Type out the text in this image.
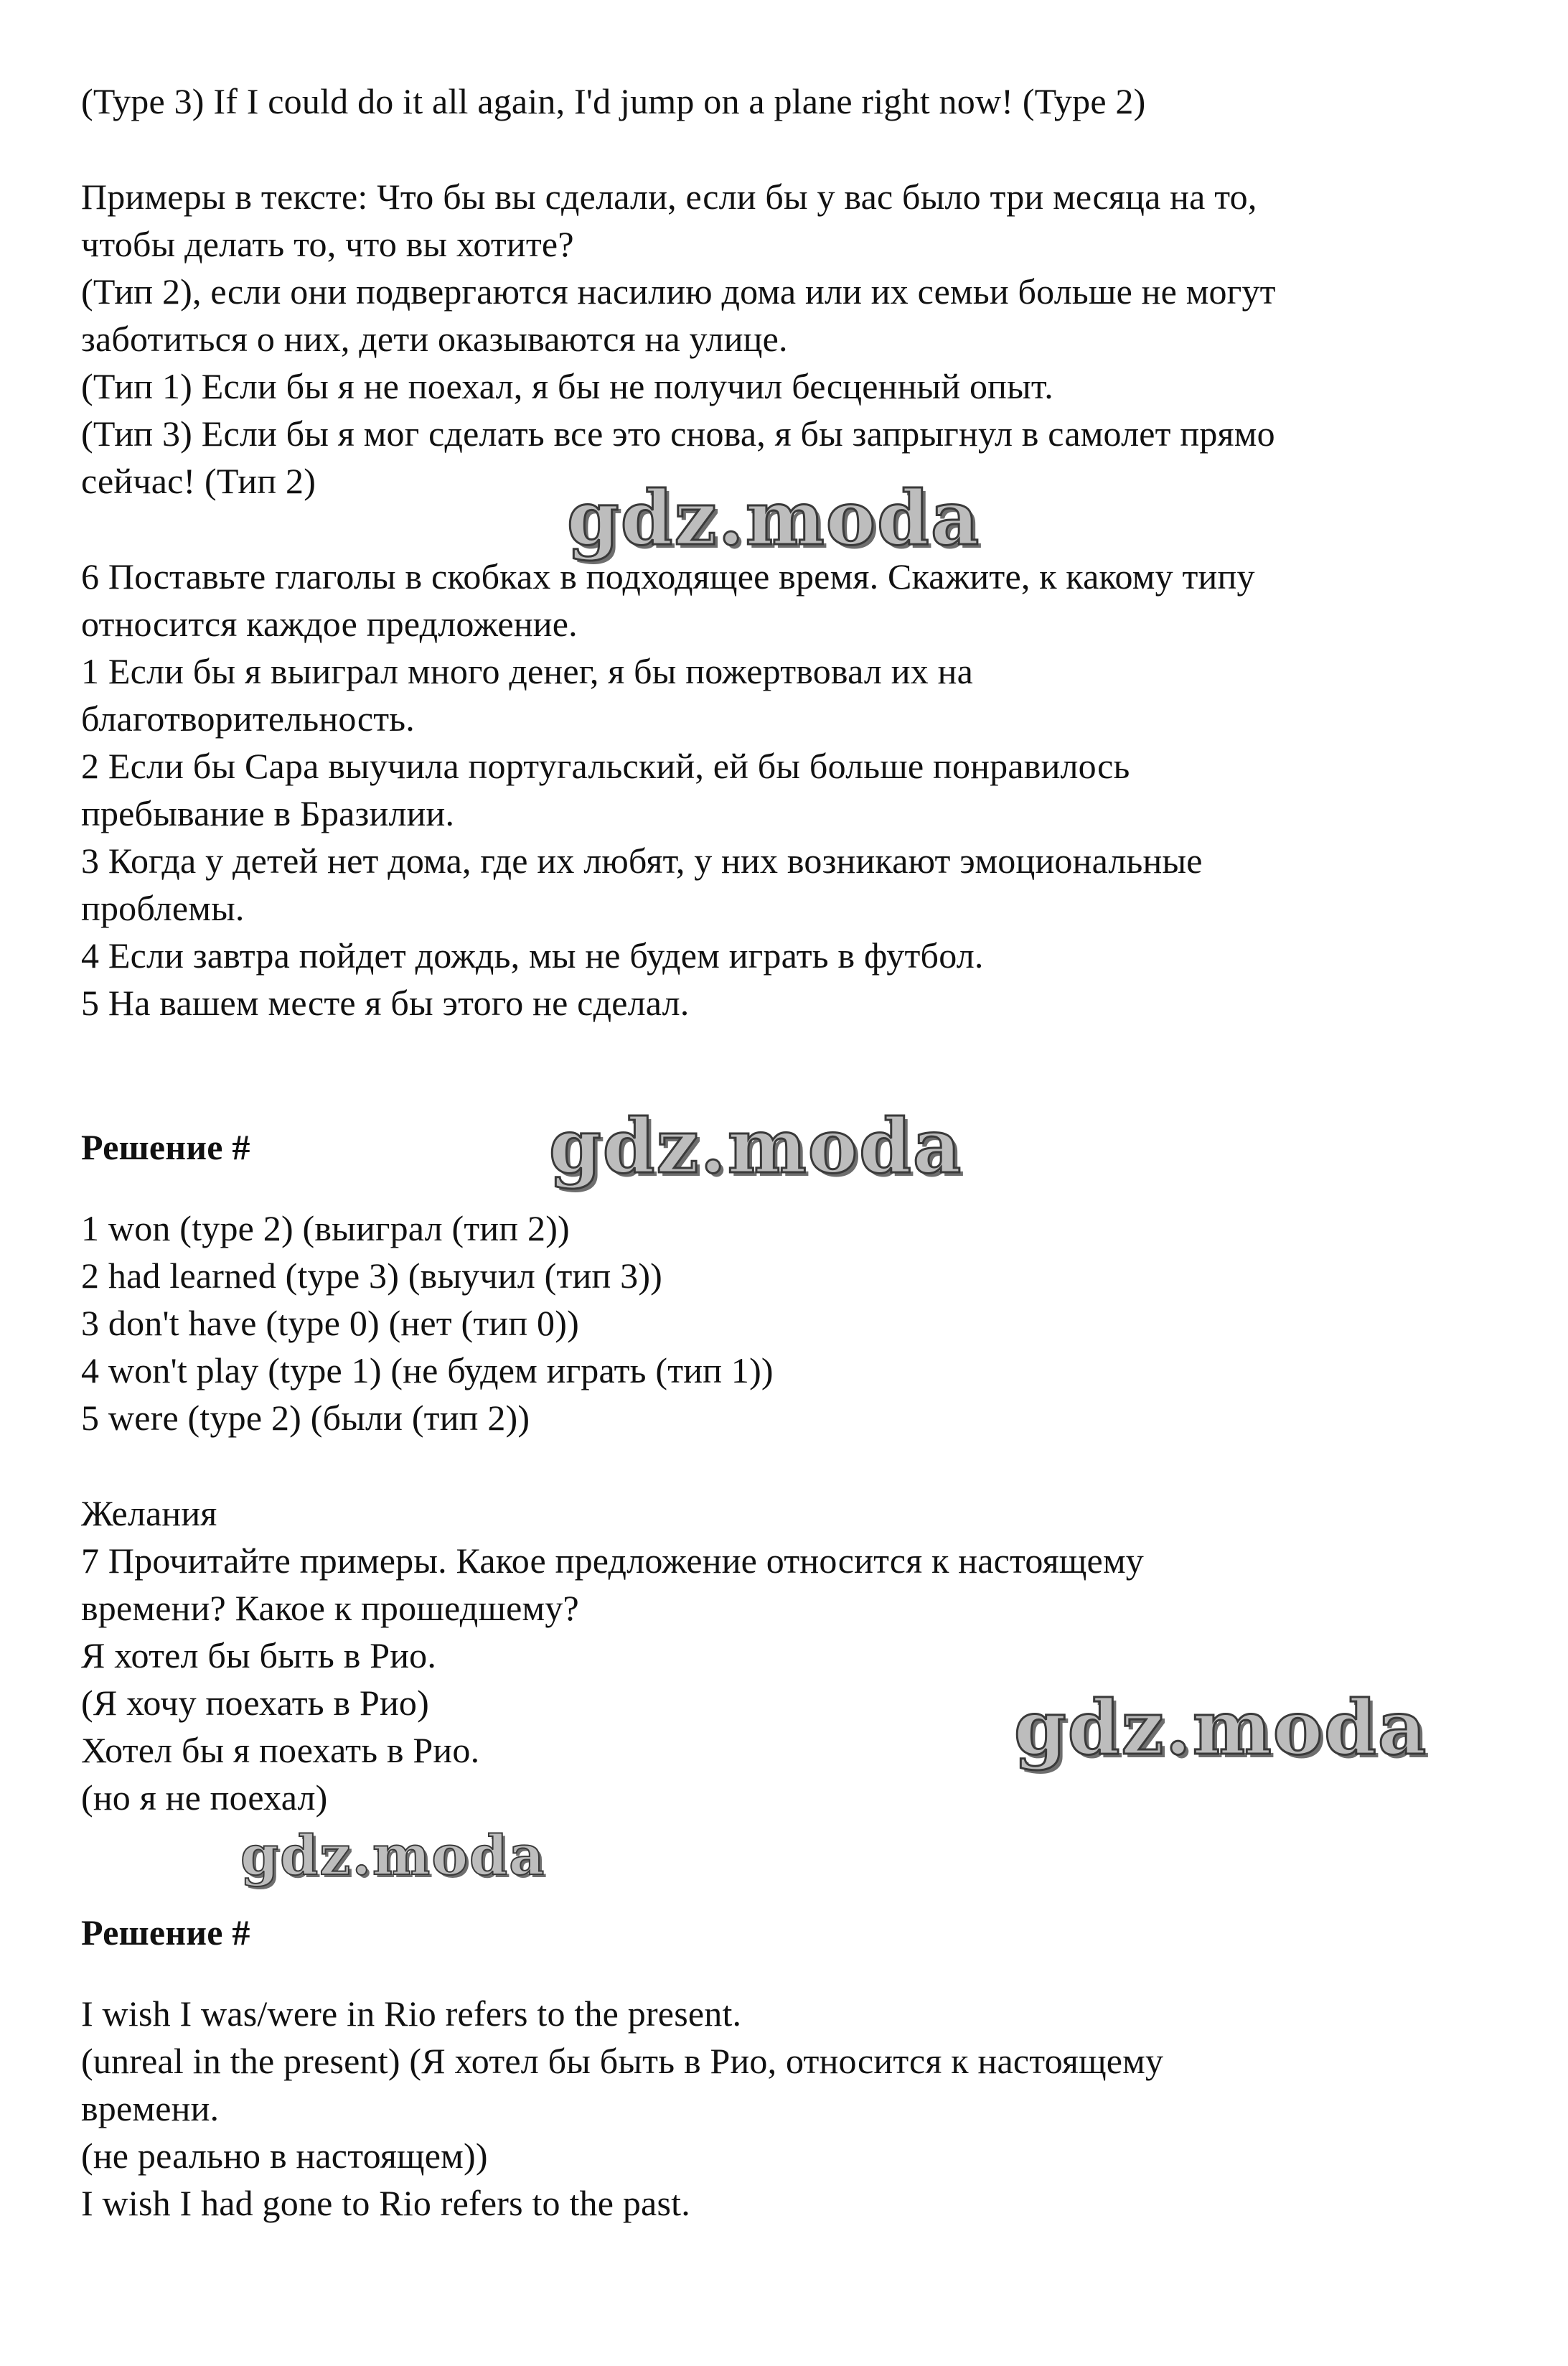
(Type 3) If I could do it all again, I'd jump on a plane right now! (Type 2)
Примеры в тексте: Что бы вы сделали, если бы у вас было три месяца на то,
чтобы делать то, что вы хотите?
(Тип 2), если они подвергаются насилию дома или их семьи больше не могут
заботиться о них, дети оказываются на улице.
(Тип 1) Если бы я не поехал, я бы не получил бесценный опыт.
(Тип 3) Если бы я мог сделать все это снова, я бы запрыгнул в самолет прямо
сейчас! (Тип 2)
6 Поставьте глаголы в скобках в подходящее время. Скажите, к какому типу
относится каждое предложение.
1 Если бы я выиграл много денег, я бы пожертвовал их на
благотворительность.
2 Если бы Сара выучила португальский, ей бы больше понравилось
пребывание в Бразилии.
3 Когда у детей нет дома, где их любят, у них возникают эмоциональные
проблемы.
4 Если завтра пойдет дождь, мы не будем играть в футбол.
5 На вашем месте я бы этого не сделал.
Решение #
1 won (type 2) (выиграл (тип 2))
2 had learned (type 3) (выучил (тип 3))
3 don't have (type 0) (нет (тип 0))
4 won't play (type 1) (не будем играть (тип 1))
5 were (type 2) (были (тип 2))
Желания
7 Прочитайте примеры. Какое предложение относится к настоящему
времени? Какое к прошедшему?
Я хотел бы быть в Рио.
(Я хочу поехать в Рио)
Хотел бы я поехать в Рио.
(но я не поехал)
Решение #
I wish I was/were in Rio refers to the present.
(unreal in the present) (Я хотел бы быть в Рио, относится к настоящему
времени.
(не реально в настоящем))
I wish I had gone to Rio refers to the past.
gdz.moda
gdz.moda
gdz.moda
gdz.moda
